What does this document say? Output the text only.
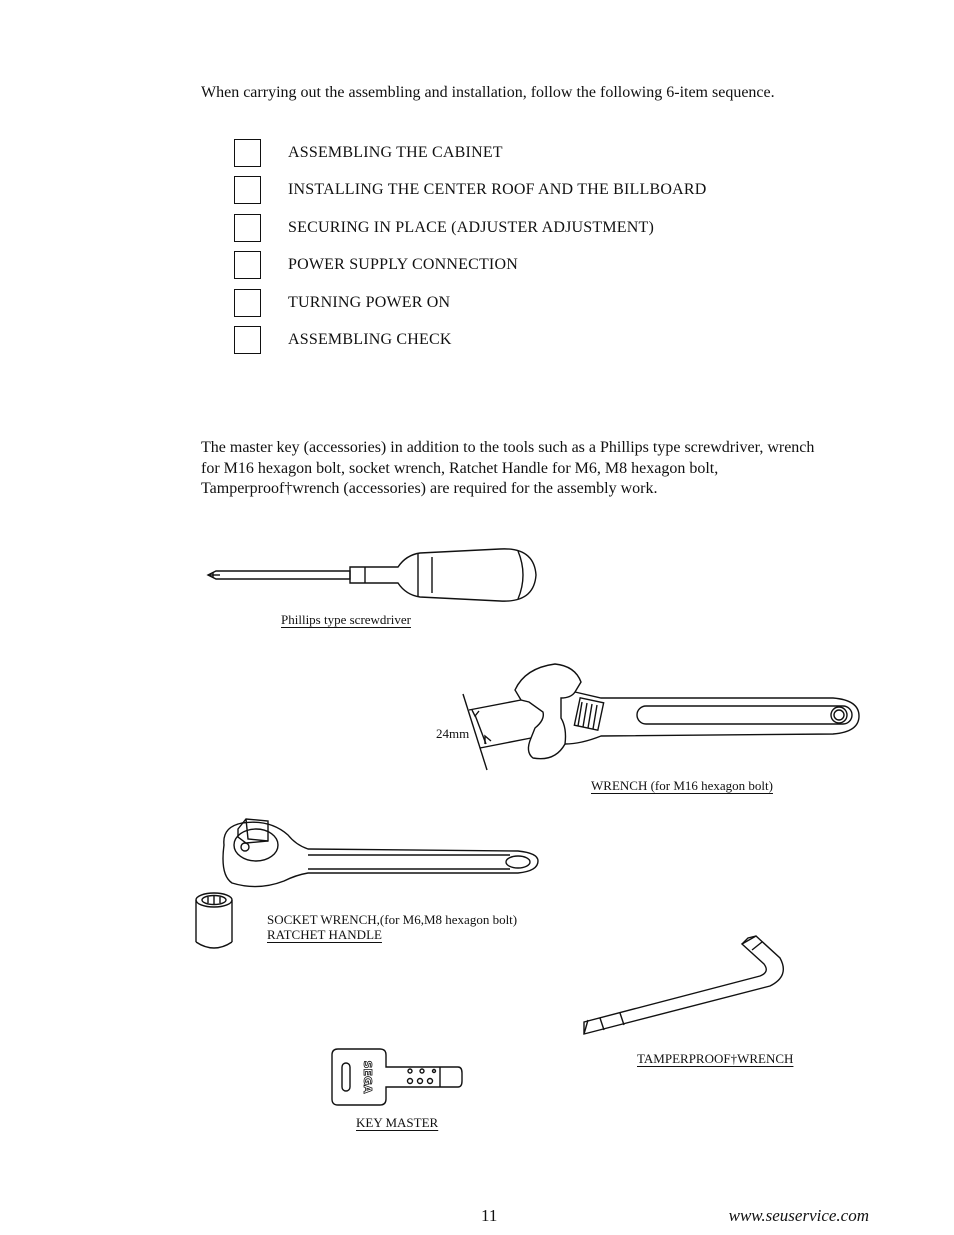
When carrying out the assembling and installation, follow the following 6-item sequence.
ASSEMBLING THE CABINET
INSTALLING THE CENTER ROOF AND THE BILLBOARD
SECURING IN PLACE (ADJUSTER ADJUSTMENT)
POWER SUPPLY CONNECTION
TURNING POWER ON
ASSEMBLING CHECK
The master key (accessories) in addition to the tools such as a Phillips type screwdriver, wrench
for M16 hexagon bolt, socket wrench, Ratchet Handle for M6, M8 hexagon bolt,
Tamperproof†wrench (accessories) are required for the assembly work.
Phillips type screwdriver
24mm
WRENCH (for M16 hexagon bolt)
SOCKET WRENCH,(for M6,M8 hexagon bolt)
RATCHET HANDLE
TAMPERPROOF†WRENCH
SEGA
KEY MASTER
11	www.seuservice.com
